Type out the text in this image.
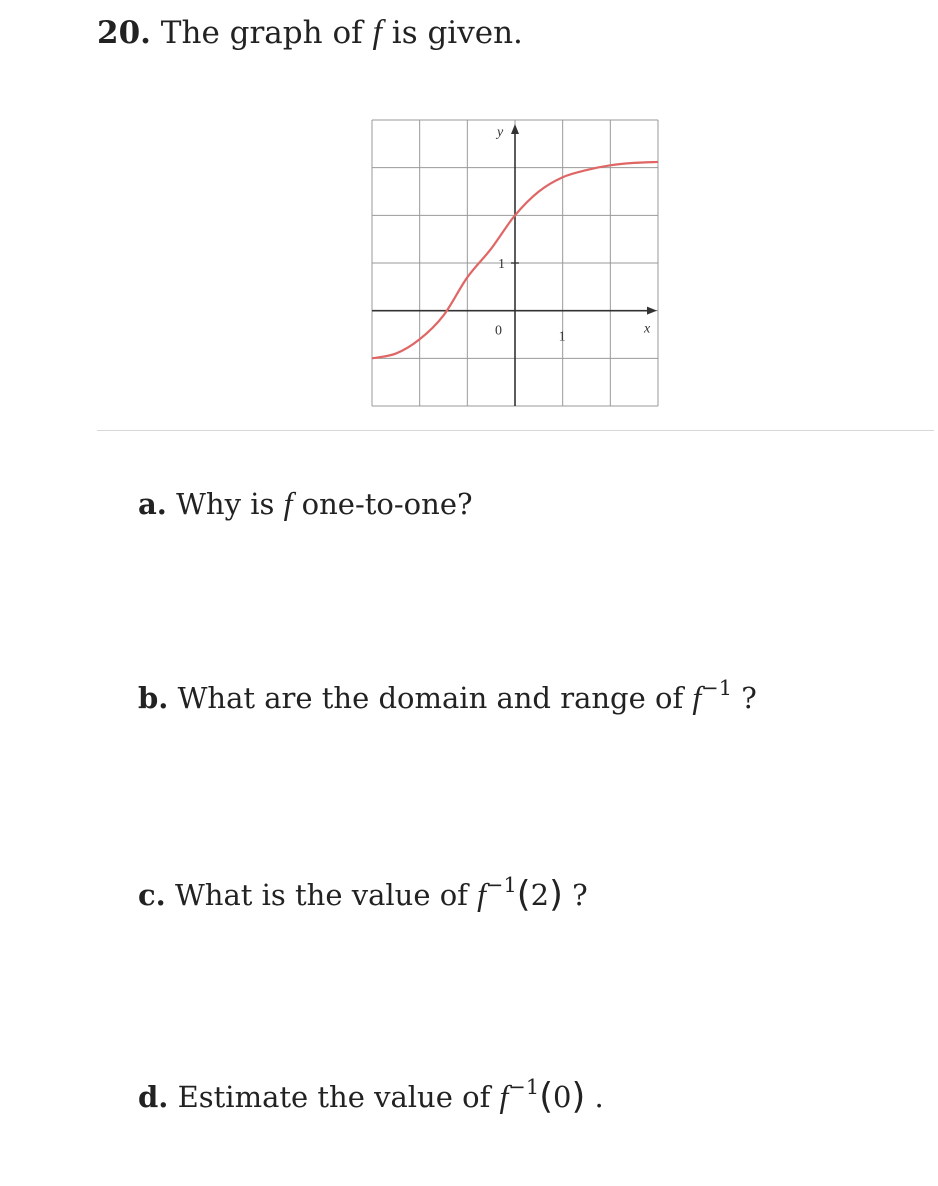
20. The graph of f is given.
y
x
0	1
1
a. Why is f one-to-one?
b. What are the domain and range of $f^{-1}$ ?
c. What is the value of $f^{-1}(2)$ ?
d. Estimate the value of $f^{-1}(0)$ .
